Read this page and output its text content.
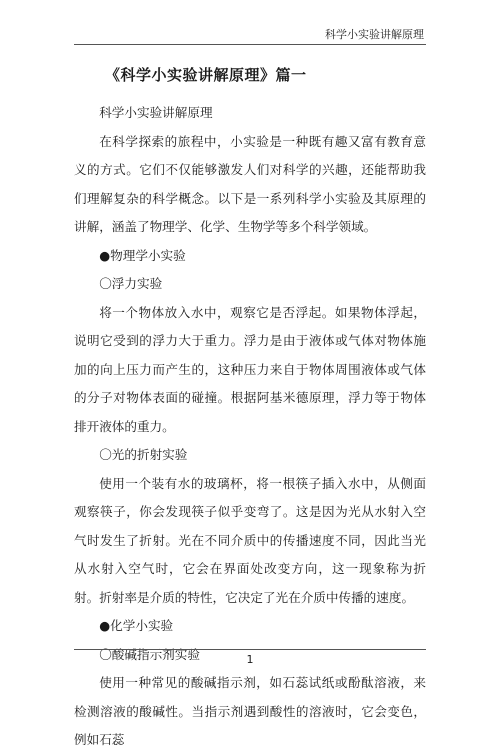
科学小实验讲解原理
《科学小实验讲解原理》篇一

科学小实验讲解原理

在科学探索的旅程中，小实验是一种既有趣又富有教育意义的方式。它们不仅能够激发人们对科学的兴趣，还能帮助我们理解复杂的科学概念。以下是一系列科学小实验及其原理的讲解，涵盖了物理学、化学、生物学等多个科学领域。

●物理学小实验

〇浮力实验

将一个物体放入水中，观察它是否浮起。如果物体浮起，说明它受到的浮力大于重力。浮力是由于液体或气体对物体施加的向上压力而产生的，这种压力来自于物体周围液体或气体的分子对物体表面的碰撞。根据阿基米德原理，浮力等于物体排开液体的重力。

〇光的折射实验

使用一个装有水的玻璃杯，将一根筷子插入水中，从侧面观察筷子，你会发现筷子似乎变弯了。这是因为光从水射入空气时发生了折射。光在不同介质中的传播速度不同，因此当光从水射入空气时，它会在界面处改变方向，这一现象称为折射。折射率是介质的特性，它决定了光在介质中传播的速度。

●化学小实验

〇酸碱指示剂实验

使用一种常见的酸碱指示剂，如石蕊试纸或酚酞溶液，来检测溶液的酸碱性。当指示剂遇到酸性的溶液时，它会变色，例如石蕊

1
